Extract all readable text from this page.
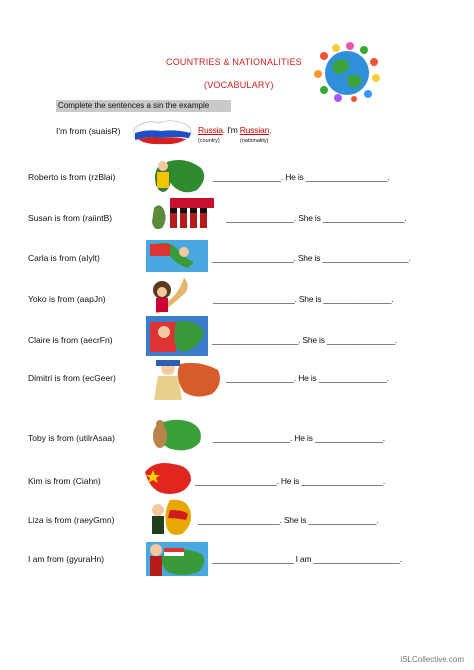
COUNTRIES & NATIONALITIES
(VOCABULARY)
Complete the sentences a sin the example
I'm from (suaisR)	Russia. I'm Russian.
(country)	(nationality)
Roberto is from (rzBlai)	_______________. He is __________________.
Susan is from (raiintB)	_______________. She is __________________.
Carla is from (aIylt)	__________________. She is ___________________.
Yoko is from (aapJn)	__________________. She is _______________.
Claire is from (aecrFn)	___________________. She is _______________.
Dimitri is from (ecGeer)	_______________. He is _______________.
Toby is from (utilrAsaa)	_________________. He is _______________.
Kim is from (Ciahn)	__________________. He is __________________.
Liza is from (raeyGmn)	__________________. She is _______________.
I am from (gyuraHn)	__________________ I am ___________________.
iSLCollective.com
